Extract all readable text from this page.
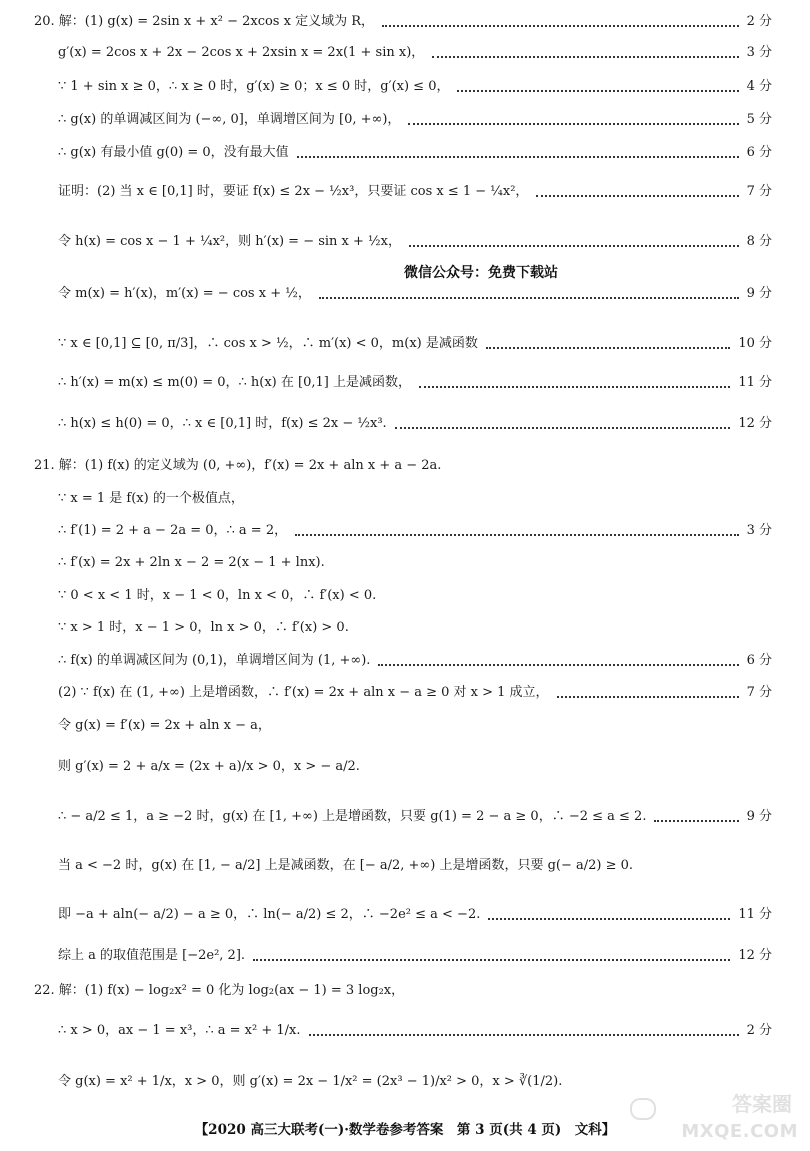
20. 解：(1) g(x) = 2sin x + x² − 2xcos x 定义域为 R，	2 分
g′(x) = 2cos x + 2x − 2cos x + 2xsin x = 2x(1 + sin x)，	3 分
∵ 1 + sin x ≥ 0，∴ x ≥ 0 时，g′(x) ≥ 0；x ≤ 0 时，g′(x) ≤ 0，	4 分
∴ g(x) 的单调减区间为 (−∞, 0]，单调增区间为 [0, +∞)，	5 分
∴ g(x) 有最小值 g(0) = 0，没有最大值	6 分
证明：(2) 当 x ∈ [0,1] 时，要证 f(x) ≤ 2x − ½x³，只要证 cos x ≤ 1 − ¼x²，	7 分
令 h(x) = cos x − 1 + ¼x²，则 h′(x) = − sin x + ½x，	8 分
令 m(x) = h′(x)，m′(x) = − cos x + ½，	9 分
∵ x ∈ [0,1] ⊆ [0, π/3]，∴ cos x > ½，∴ m′(x) < 0，m(x) 是减函数	10 分
∴ h′(x) = m(x) ≤ m(0) = 0，∴ h(x) 在 [0,1] 上是减函数，	11 分
∴ h(x) ≤ h(0) = 0，∴ x ∈ [0,1] 时，f(x) ≤ 2x − ½x³.	12 分
21. 解：(1) f(x) 的定义域为 (0, +∞)，f′(x) = 2x + aln x + a − 2a.
∵ x = 1 是 f(x) 的一个极值点，
∴ f′(1) = 2 + a − 2a = 0，∴ a = 2，	3 分
∴ f′(x) = 2x + 2ln x − 2 = 2(x − 1 + lnx).
∵ 0 < x < 1 时，x − 1 < 0，ln x < 0，∴ f′(x) < 0.
∵ x > 1 时，x − 1 > 0，ln x > 0，∴ f′(x) > 0.
∴ f(x) 的单调减区间为 (0,1)，单调增区间为 (1, +∞).	6 分
(2) ∵ f(x) 在 (1, +∞) 上是增函数，∴ f′(x) = 2x + aln x − a ≥ 0 对 x > 1 成立，	7 分
令 g(x) = f′(x) = 2x + aln x − a，
则 g′(x) = 2 + a/x = (2x + a)/x > 0，x > − a/2.
∴ − a/2 ≤ 1，a ≥ −2 时，g(x) 在 [1, +∞) 上是增函数，只要 g(1) = 2 − a ≥ 0，∴ −2 ≤ a ≤ 2.	9 分
当 a < −2 时，g(x) 在 [1, − a/2] 上是减函数，在 [− a/2, +∞) 上是增函数，只要 g(− a/2) ≥ 0.
即 −a + aln(− a/2) − a ≥ 0，∴ ln(− a/2) ≤ 2，∴ −2e² ≤ a < −2.	11 分
综上 a 的取值范围是 [−2e², 2].	12 分
22. 解：(1) f(x) − log₂x² = 0 化为 log₂(ax − 1) = 3 log₂x，
∴ x > 0，ax − 1 = x³，∴ a = x² + 1/x.	2 分
令 g(x) = x² + 1/x，x > 0，则 g′(x) = 2x − 1/x² = (2x³ − 1)/x² > 0，x > ∛(1/2).
微信公众号：免费下载站
答案圈
MXQE.COM
【2020 高三大联考(一)·数学卷参考答案　第 3 页(共 4 页)　文科】
